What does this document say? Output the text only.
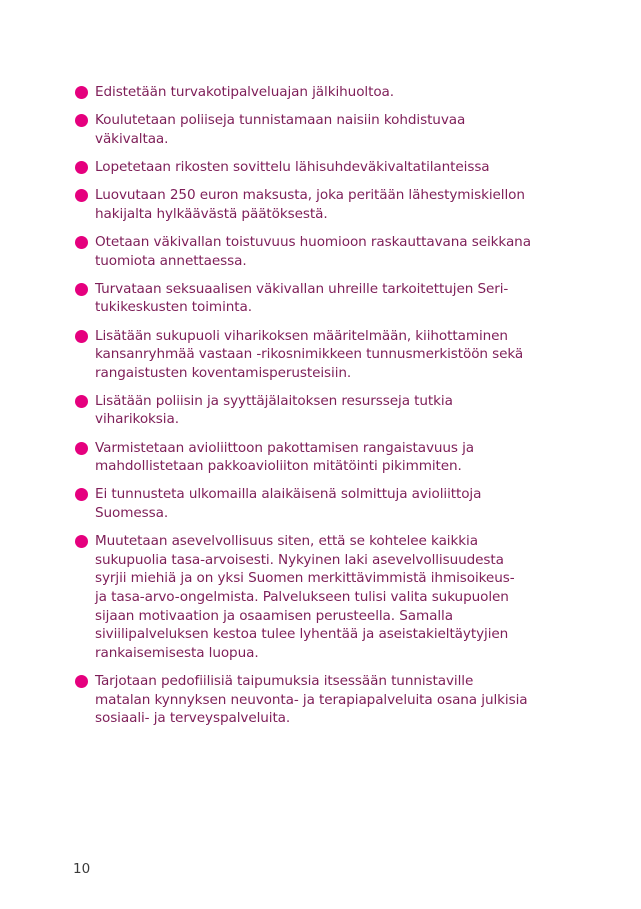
Edistetään turvakotipalveluajan jälkihuoltoa.
Koulutetaan poliiseja tunnistamaan naisiin kohdistuvaa
väkivaltaa.
Lopetetaan rikosten sovittelu lähisuhdeväkivaltatilanteissa
Luovutaan 250 euron maksusta, joka peritään lähestymiskiellon
hakijalta hylkäävästä päätöksestä.
Otetaan väkivallan toistuvuus huomioon raskauttavana seikkana
tuomiota annettaessa.
Turvataan seksuaalisen väkivallan uhreille tarkoitettujen Seri-
tukikeskusten toiminta.
Lisätään sukupuoli viharikoksen määritelmään, kiihottaminen
kansanryhmää vastaan -rikosnimikkeen tunnusmerkistöön sekä
rangaistusten koventamisperusteisiin.
Lisätään poliisin ja syyttäjälaitoksen resursseja tutkia
viharikoksia.
Varmistetaan avioliittoon pakottamisen rangaistavuus ja
mahdollistetaan pakkoavioliiton mitätöinti pikimmiten.
Ei tunnusteta ulkomailla alaikäisenä solmittuja avioliittoja
Suomessa.
Muutetaan asevelvollisuus siten, että se kohtelee kaikkia
sukupuolia tasa-arvoisesti. Nykyinen laki asevelvollisuudesta
syrjii miehiä ja on yksi Suomen merkittävimmistä ihmisoikeus-
ja tasa-arvo-ongelmista. Palvelukseen tulisi valita sukupuolen
sijaan motivaation ja osaamisen perusteella. Samalla
siviilipalveluksen kestoa tulee lyhentää ja aseistakieltäytyjien
rankaisemisesta luopua.
Tarjotaan pedofiilisiä taipumuksia itsessään tunnistaville
matalan kynnyksen neuvonta- ja terapiapalveluita osana julkisia
sosiaali- ja terveyspalveluita.
10
